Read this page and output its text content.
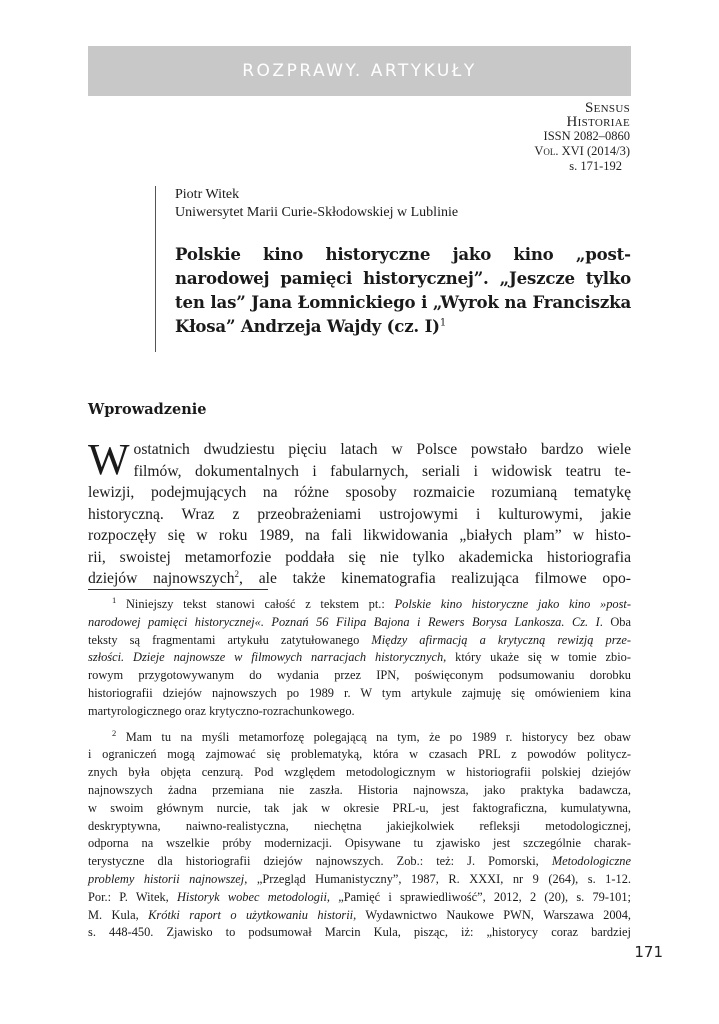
ROZPRAWY. ARTYKUŁY
Sensus
Historiae
ISSN 2082–0860
Vol. XVI (2014/3)
s. 171-192
Piotr Witek
Uniwersytet Marii Curie-Skłodowskiej w Lublinie
Polskie kino historyczne jako kino „postnarodowej pamięci historycznej”. „Jeszcze tylko ten las” Jana Łomnickiego i „Wyrok na Franciszka Kłosa” Andrzeja Wajdy (cz. I)$^1$
Wprowadzenie
W ostatnich dwudziestu pięciu latach w Polsce powstało bardzo wiele
filmów, dokumentalnych i fabularnych, seriali i widowisk teatru te-
lewizji, podejmujących na różne sposoby rozmaicie rozumianą tematykę
historyczną. Wraz z przeobrażeniami ustrojowymi i kulturowymi, jakie
rozpoczęły się w roku 1989, na fali likwidowania „białych plam” w histo-
rii, swoistej metamorfozie poddała się nie tylko akademicka historiografia
dziejów najnowszych$^2$, ale także kinematografia realizująca filmowe opo-
$^1$ Niniejszy tekst stanowi całość z tekstem pt.: Polskie kino historyczne jako kino »post-
narodowej pamięci historycznej«. Poznań 56 Filipa Bajona i Rewers Borysa Lankosza. Cz. I. Oba
teksty są fragmentami artykułu zatytułowanego Między afirmacją a krytyczną rewizją prze-
szłości. Dzieje najnowsze w filmowych narracjach historycznych, który ukaże się w tomie zbio-
rowym przygotowywanym do wydania przez IPN, poświęconym podsumowaniu dorobku
historiografii dziejów najnowszych po 1989 r. W tym artykule zajmuję się omówieniem kina
martyrologicznego oraz krytyczno-rozrachunkowego.
$^2$ Mam tu na myśli metamorfozę polegającą na tym, że po 1989 r. historycy bez obaw
i ograniczeń mogą zajmować się problematyką, która w czasach PRL z powodów politycz-
znych była objęta cenzurą. Pod względem metodologicznym w historiografii polskiej dziejów
najnowszych żadna przemiana nie zaszła. Historia najnowsza, jako praktyka badawcza,
w swoim głównym nurcie, tak jak w okresie PRL-u, jest faktograficzna, kumulatywna,
deskryptywna, naiwno-realistyczna, niechętna jakiejkolwiek refleksji metodologicznej,
odporna na wszelkie próby modernizacji. Opisywane tu zjawisko jest szczególnie charak-
terystyczne dla historiografii dziejów najnowszych. Zob.: też: J. Pomorski, Metodologiczne
problemy historii najnowszej, „Przegląd Humanistyczny”, 1987, R. XXXI, nr 9 (264), s. 1-12.
Por.: P. Witek, Historyk wobec metodologii, „Pamięć i sprawiedliwość”, 2012, 2 (20), s. 79-101;
M. Kula, Krótki raport o użytkowaniu historii, Wydawnictwo Naukowe PWN, Warszawa 2004,
s. 448-450. Zjawisko to podsumował Marcin Kula, pisząc, iż: „historycy coraz bardziej
171
